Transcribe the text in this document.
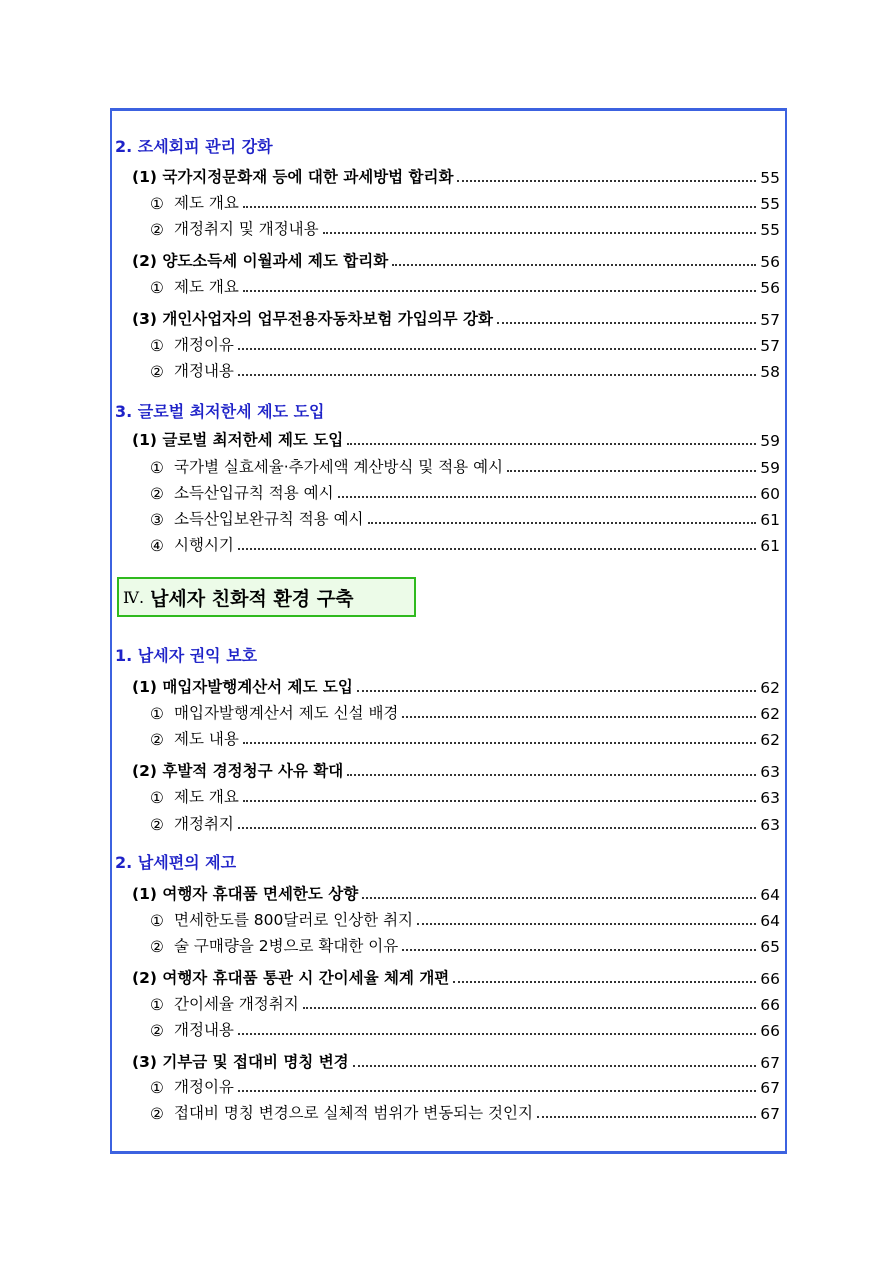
2. 조세회피 관리 강화
(1) 국가지정문화재 등에 대한 과세방법 합리화	55
① 제도 개요	55
② 개정취지 및 개정내용	55
(2) 양도소득세 이월과세 제도 합리화	56
① 제도 개요	56
(3) 개인사업자의 업무전용자동차보험 가입의무 강화	57
① 개정이유	57
② 개정내용	58
3. 글로벌 최저한세 제도 도입
(1) 글로벌 최저한세 제도 도입	59
① 국가별 실효세율·추가세액 계산방식 및 적용 예시	59
② 소득산입규칙 적용 예시	60
③ 소득산입보완규칙 적용 예시	61
④ 시행시기	61
Ⅳ. 납세자 친화적 환경 구축
1. 납세자 권익 보호
(1) 매입자발행계산서 제도 도입	62
① 매입자발행계산서 제도 신설 배경	62
② 제도 내용	62
(2) 후발적 경정청구 사유 확대	63
① 제도 개요	63
② 개정취지	63
2. 납세편의 제고
(1) 여행자 휴대품 면세한도 상향	64
① 면세한도를 800달러로 인상한 취지	64
② 술 구매량을 2병으로 확대한 이유	65
(2) 여행자 휴대품 통관 시 간이세율 체계 개편	66
① 간이세율 개정취지	66
② 개정내용	66
(3) 기부금 및 접대비 명칭 변경	67
① 개정이유	67
② 접대비 명칭 변경으로 실체적 범위가 변동되는 것인지	67
